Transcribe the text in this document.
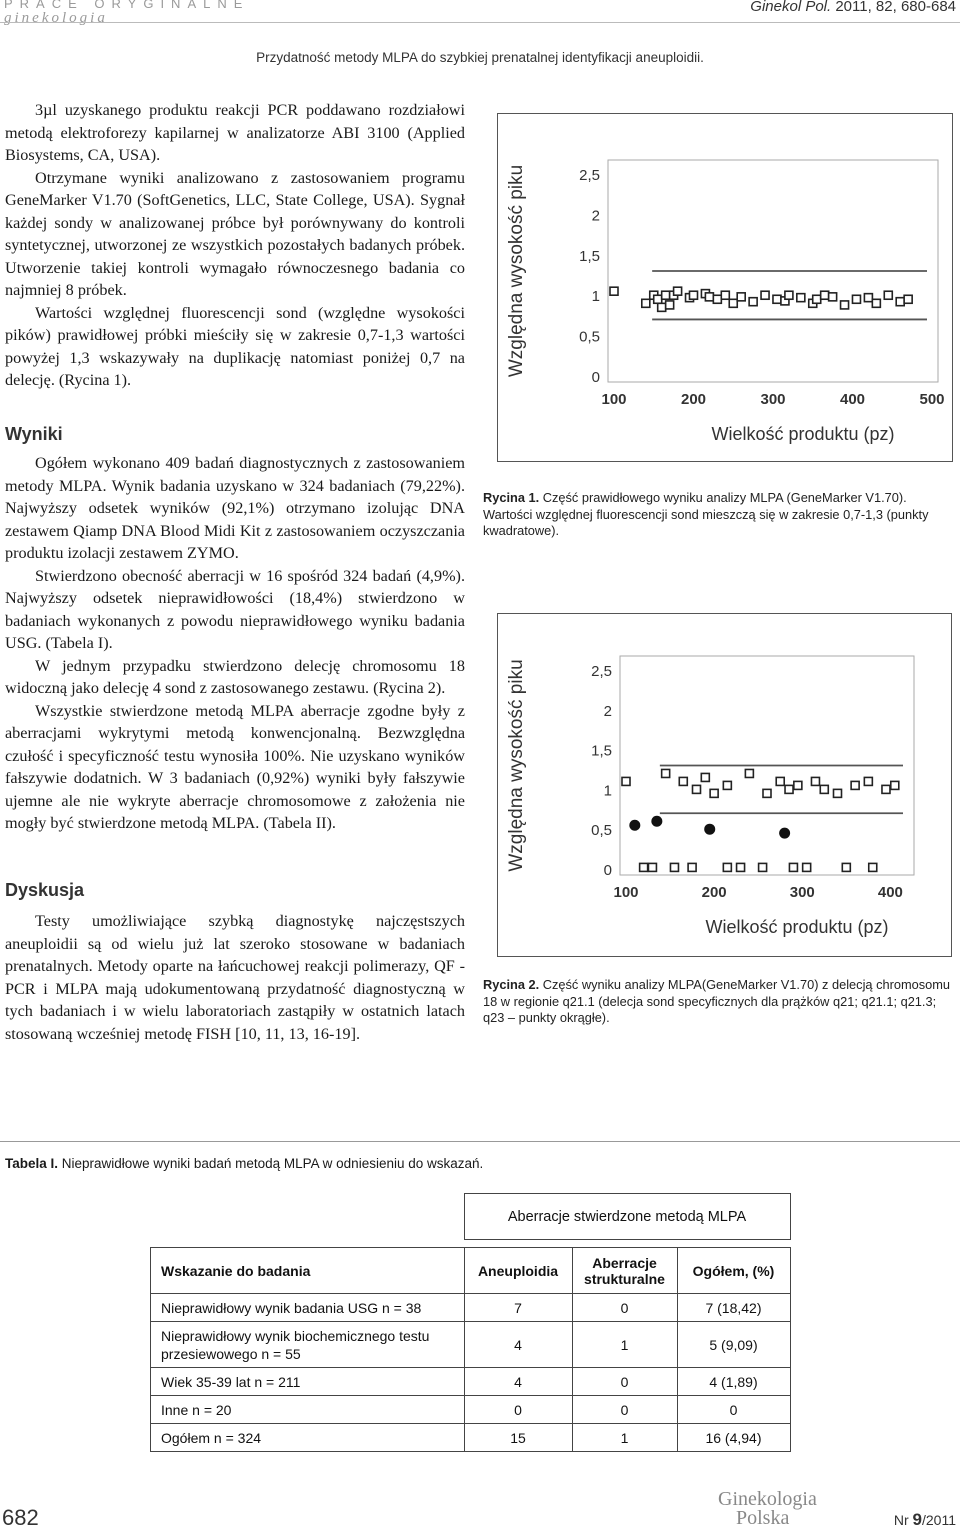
PRACE ORYGINALNE
ginekologia
Ginekol Pol. 2011, 82, 680-684
Przydatność metody MLPA do szybkiej prenatalnej identyfikacji aneuploidii.

3µl uzyskanego produktu reakcji PCR poddawano rozdziałowi metodą elektroforezy kapilarnej w analizatorze ABI 3100 (Applied Biosystems, CA, USA).

Otrzymane wyniki analizowano z zastosowaniem programu GeneMarker V1.70 (SoftGenetics, LLC, State College, USA). Sygnał każdej sondy w analizowanej próbce był porównywany do kontroli syntetycznej, utworzonej ze wszystkich pozostałych badanych próbek. Utworzenie takiej kontroli wymagało równoczesnego badania co najmniej 8 próbek.

Wartości względnej fluorescencji sond (względne wysokości pików) prawidłowej próbki mieściły się w zakresie 0,7-1,3 wartości powyżej 1,3 wskazywały na duplikację natomiast poniżej 0,7 na delecję. (Rycina 1).

Wyniki

Ogółem wykonano 409 badań diagnostycznych z zastosowaniem metody MLPA. Wynik badania uzyskano w 324 badaniach (79,22%). Najwyższy odsetek wyników (92,1%) otrzymano izolując DNA zestawem Qiamp DNA Blood Midi Kit z zastosowaniem oczyszczania produktu izolacji zestawem ZYMO.

Stwierdzono obecność aberracji w 16 spośród 324 badań (4,9%). Najwyższy odsetek nieprawidłowości (18,4%) stwierdzono w badaniach wykonanych z powodu nieprawidłowego wyniku badania USG. (Tabela I).

W jednym przypadku stwierdzono delecję chromosomu 18 widoczną jako delecję 4 sond z zastosowanego zestawu. (Rycina 2).

Wszystkie stwierdzone metodą MLPA aberracje zgodne były z aberracjami wykrytymi metodą konwencjonalną. Bezwzględna czułość i specyficzność testu wynosiła 100%. Nie uzyskano wyników fałszywie dodatnich. W 3 badaniach (0,92%) wyniki były fałszywie ujemne ale nie wykryte aberracje chromosomowe z założenia nie mogły być stwierdzone metodą MLPA. (Tabela II).

Dyskusja

Testy umożliwiające szybką diagnostykę najczęstszych aneuploidii są od wielu już lat szeroko stosowane w badaniach prenatalnych. Metody oparte na łańcuchowej reakcji polimerazy, QF -PCR i MLPA mają udokumentowaną przydatność diagnostyczną w tych badaniach i w wielu laboratoriach zastąpiły w ostatnich latach stosowaną wcześniej metodę FISH [10, 11, 13, 16-19].

0
0,5
1
1,5
2
2,5
100	200	300	400	500
Wielkość produktu (pz)
Względna wysokość piku
Rycina 1. Część prawidłowego wyniku analizy MLPA (GeneMarker V1.70). Wartości względnej fluorescencji sond mieszczą się w zakresie 0,7-1,3 (punkty kwadratowe).
0
0,5
1
1,5
2
2,5
100	200	300	400
Wielkość produktu (pz)
Względna wysokość piku
Rycina 2. Część wyniku analizy MLPA(GeneMarker V1.70) z delecją chromosomu 18 w regionie q21.1 (delecja sond specyficznych dla prążków q21; q21.1; q21.3; q23 – punkty okrągłe).
Tabela I. Nieprawidłowe wyniki badań metodą MLPA w odniesieniu do wskazań.
	Aberracje stwierdzone metodą MLPA		

Wskazanie do badania	Aneuploidia	Aberracje strukturalne	Ogółem, (%)
Nieprawidłowy wynik badania USG n = 38	7	0	7 (18,42)
Nieprawidłowy wynik biochemicznego testu przesiewowego n = 55	4	1	5 (9,09)
Wiek 35-39 lat n = 211	4	0	4 (1,89)
Inne n = 20	0	0	0
Ogółem n = 324	15	1	16 (4,94)
682
Ginekologia
Polska	Nr 9/2011
